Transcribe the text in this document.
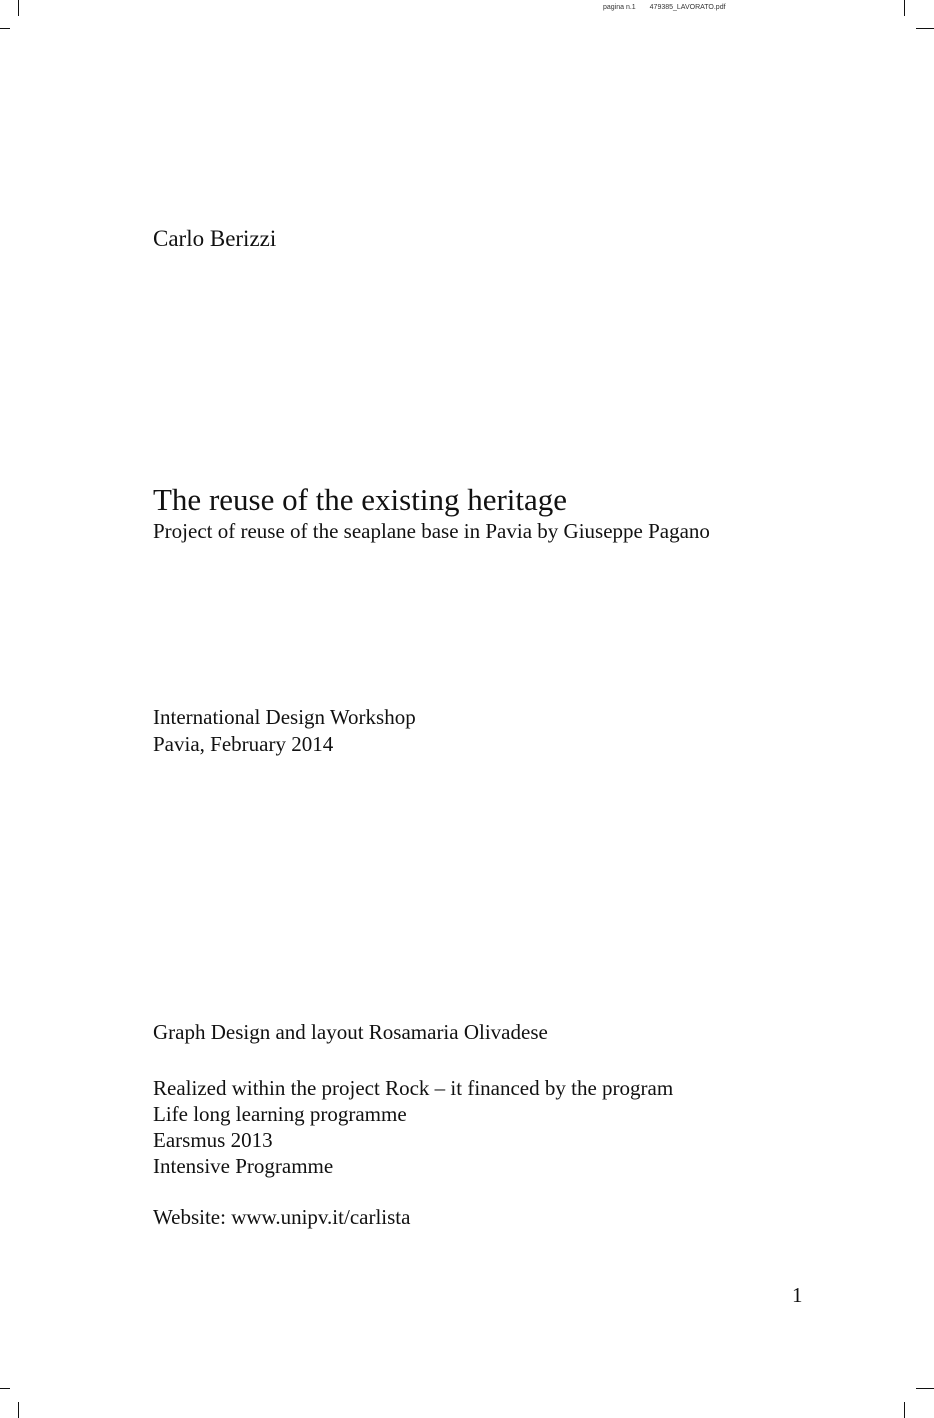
pagina n.1 479385_LAVORATO.pdf
Carlo Berizzi
The reuse of the existing heritage
Project of reuse of the seaplane base in Pavia by Giuseppe Pagano
International Design Workshop
Pavia, February 2014
Graph Design and layout Rosamaria Olivadese
Realized within the project Rock – it financed by the program
Life long learning programme
Earsmus 2013
Intensive Programme
Website: www.unipv.it/carlista
1
